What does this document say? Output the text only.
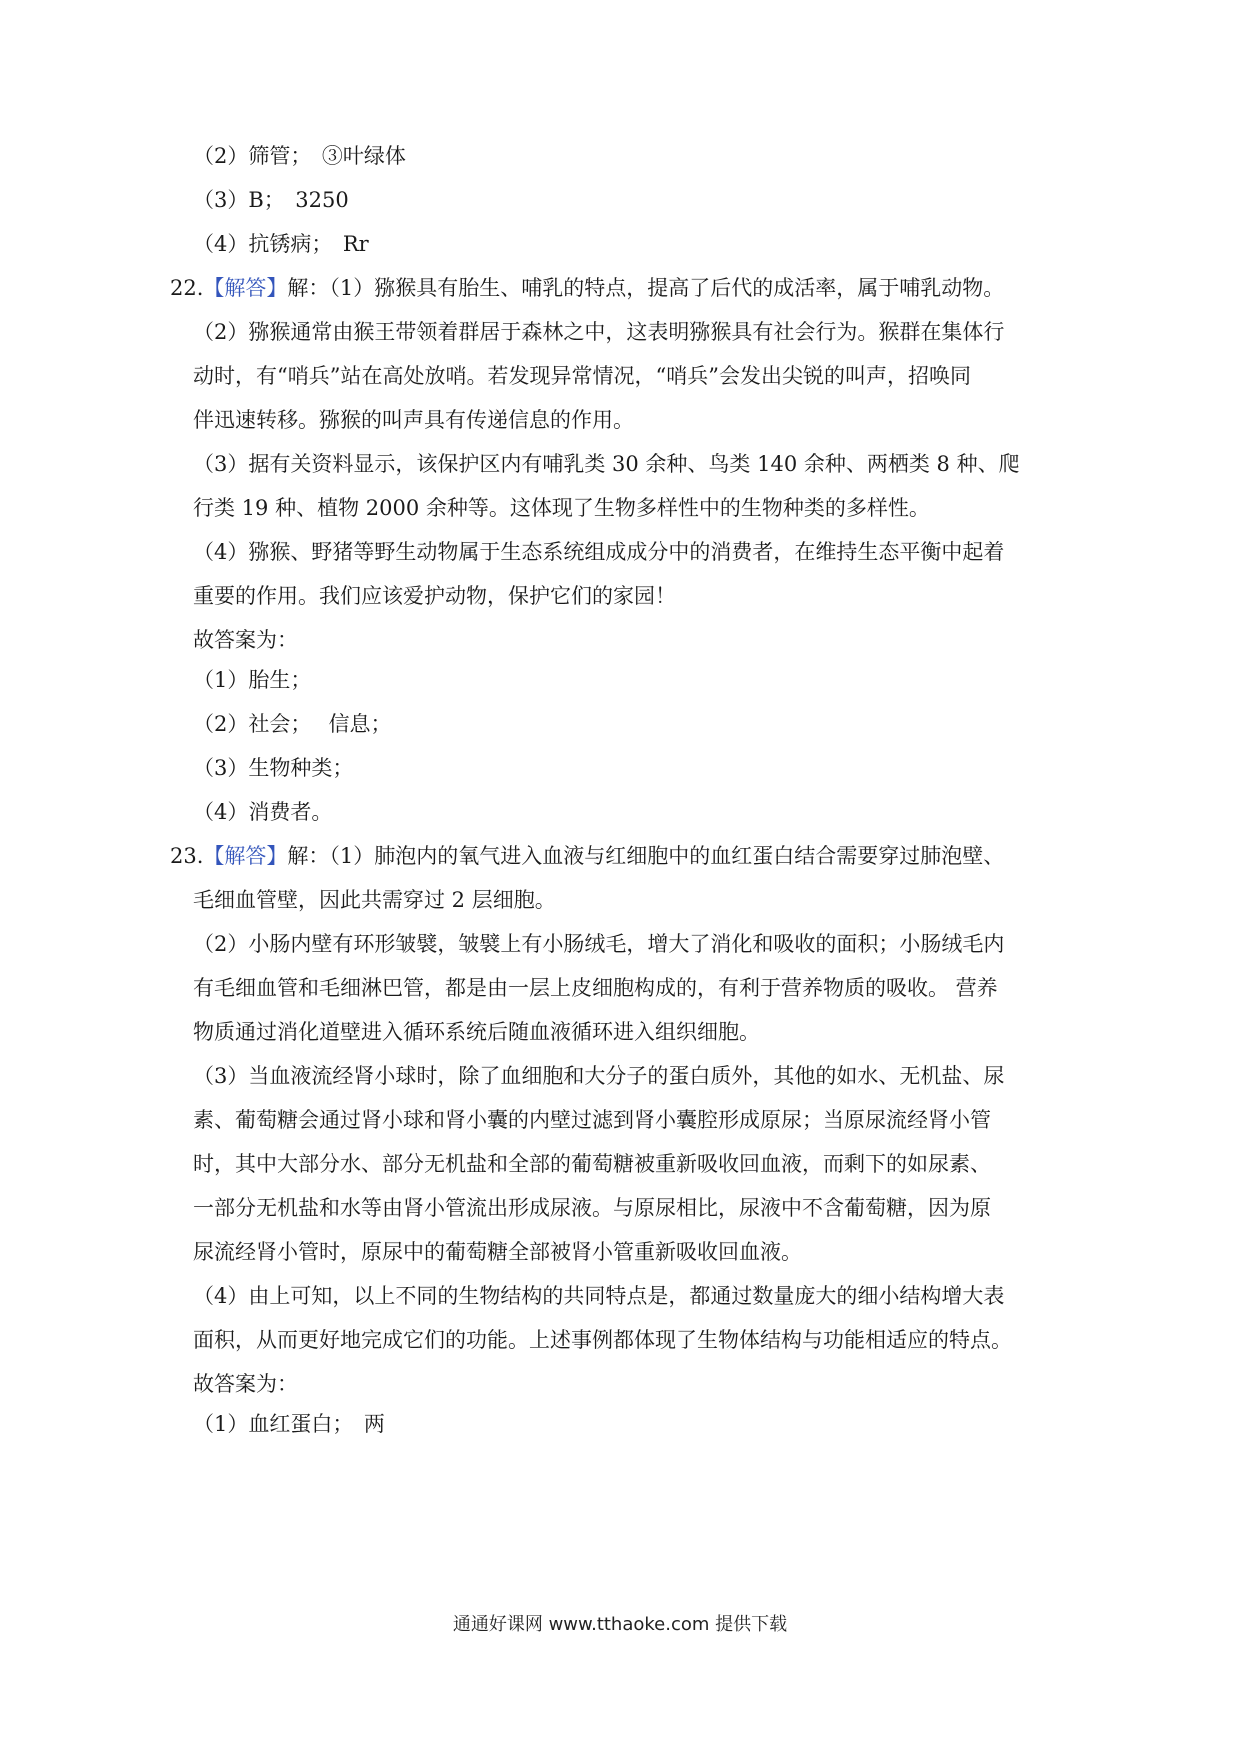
（2）筛管；　③叶绿体
（3）B；　3250
（4）抗锈病；　Rr
22.【解答】解：（1）猕猴具有胎生、哺乳的特点，提高了后代的成活率，属于哺乳动物。
（2）猕猴通常由猴王带领着群居于森林之中，这表明猕猴具有社会行为。猴群在集体行
动时，有“哨兵”站在高处放哨。若发现异常情况，“哨兵”会发出尖锐的叫声，招唤同
伴迅速转移。猕猴的叫声具有传递信息的作用。
（3）据有关资料显示，该保护区内有哺乳类 30 余种、鸟类 140 余种、两栖类 8 种、爬
行类 19 种、植物 2000 余种等。这体现了生物多样性中的生物种类的多样性。
（4）猕猴、野猪等野生动物属于生态系统组成成分中的消费者，在维持生态平衡中起着
重要的作用。我们应该爱护动物，保护它们的家园！
故答案为：
（1）胎生；
（2）社会；　 信息；
（3）生物种类；
（4）消费者。
23.【解答】解：（1）肺泡内的氧气进入血液与红细胞中的血红蛋白结合需要穿过肺泡壁、
毛细血管壁，因此共需穿过 2 层细胞。
（2）小肠内壁有环形皱襞，皱襞上有小肠绒毛，增大了消化和吸收的面积；小肠绒毛内
有毛细血管和毛细淋巴管，都是由一层上皮细胞构成的，有利于营养物质的吸收。 营养
物质通过消化道壁进入循环系统后随血液循环进入组织细胞。
（3）当血液流经肾小球时，除了血细胞和大分子的蛋白质外，其他的如水、无机盐、尿
素、葡萄糖会通过肾小球和肾小囊的内壁过滤到肾小囊腔形成原尿；当原尿流经肾小管
时，其中大部分水、部分无机盐和全部的葡萄糖被重新吸收回血液，而剩下的如尿素、
一部分无机盐和水等由肾小管流出形成尿液。与原尿相比，尿液中不含葡萄糖，因为原
尿流经肾小管时，原尿中的葡萄糖全部被肾小管重新吸收回血液。
（4）由上可知，以上不同的生物结构的共同特点是，都通过数量庞大的细小结构增大表
面积，从而更好地完成它们的功能。上述事例都体现了生物体结构与功能相适应的特点。
故答案为：
（1）血红蛋白；　两
通通好课网 www.tthaoke.com 提供下载
